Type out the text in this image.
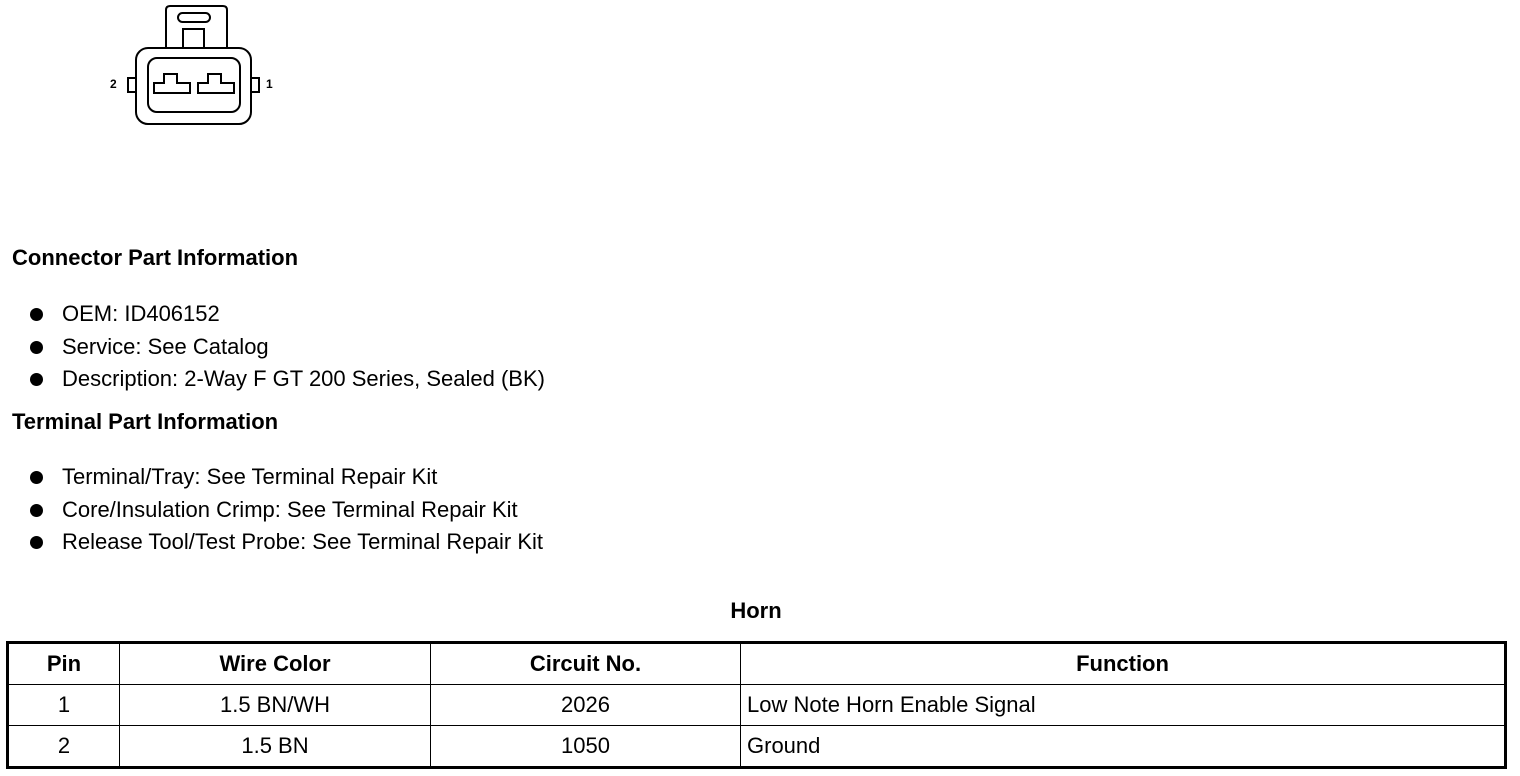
2	1
Connector Part Information
OEM: ID406152
Service: See Catalog
Description: 2-Way F GT 200 Series, Sealed (BK)
Terminal Part Information
Terminal/Tray: See Terminal Repair Kit
Core/Insulation Crimp: See Terminal Repair Kit
Release Tool/Test Probe: See Terminal Repair Kit
Horn
Pin	Wire Color	Circuit No.	Function
1	1.5 BN/WH	2026	Low Note Horn Enable Signal
2	1.5 BN	1050	Ground
